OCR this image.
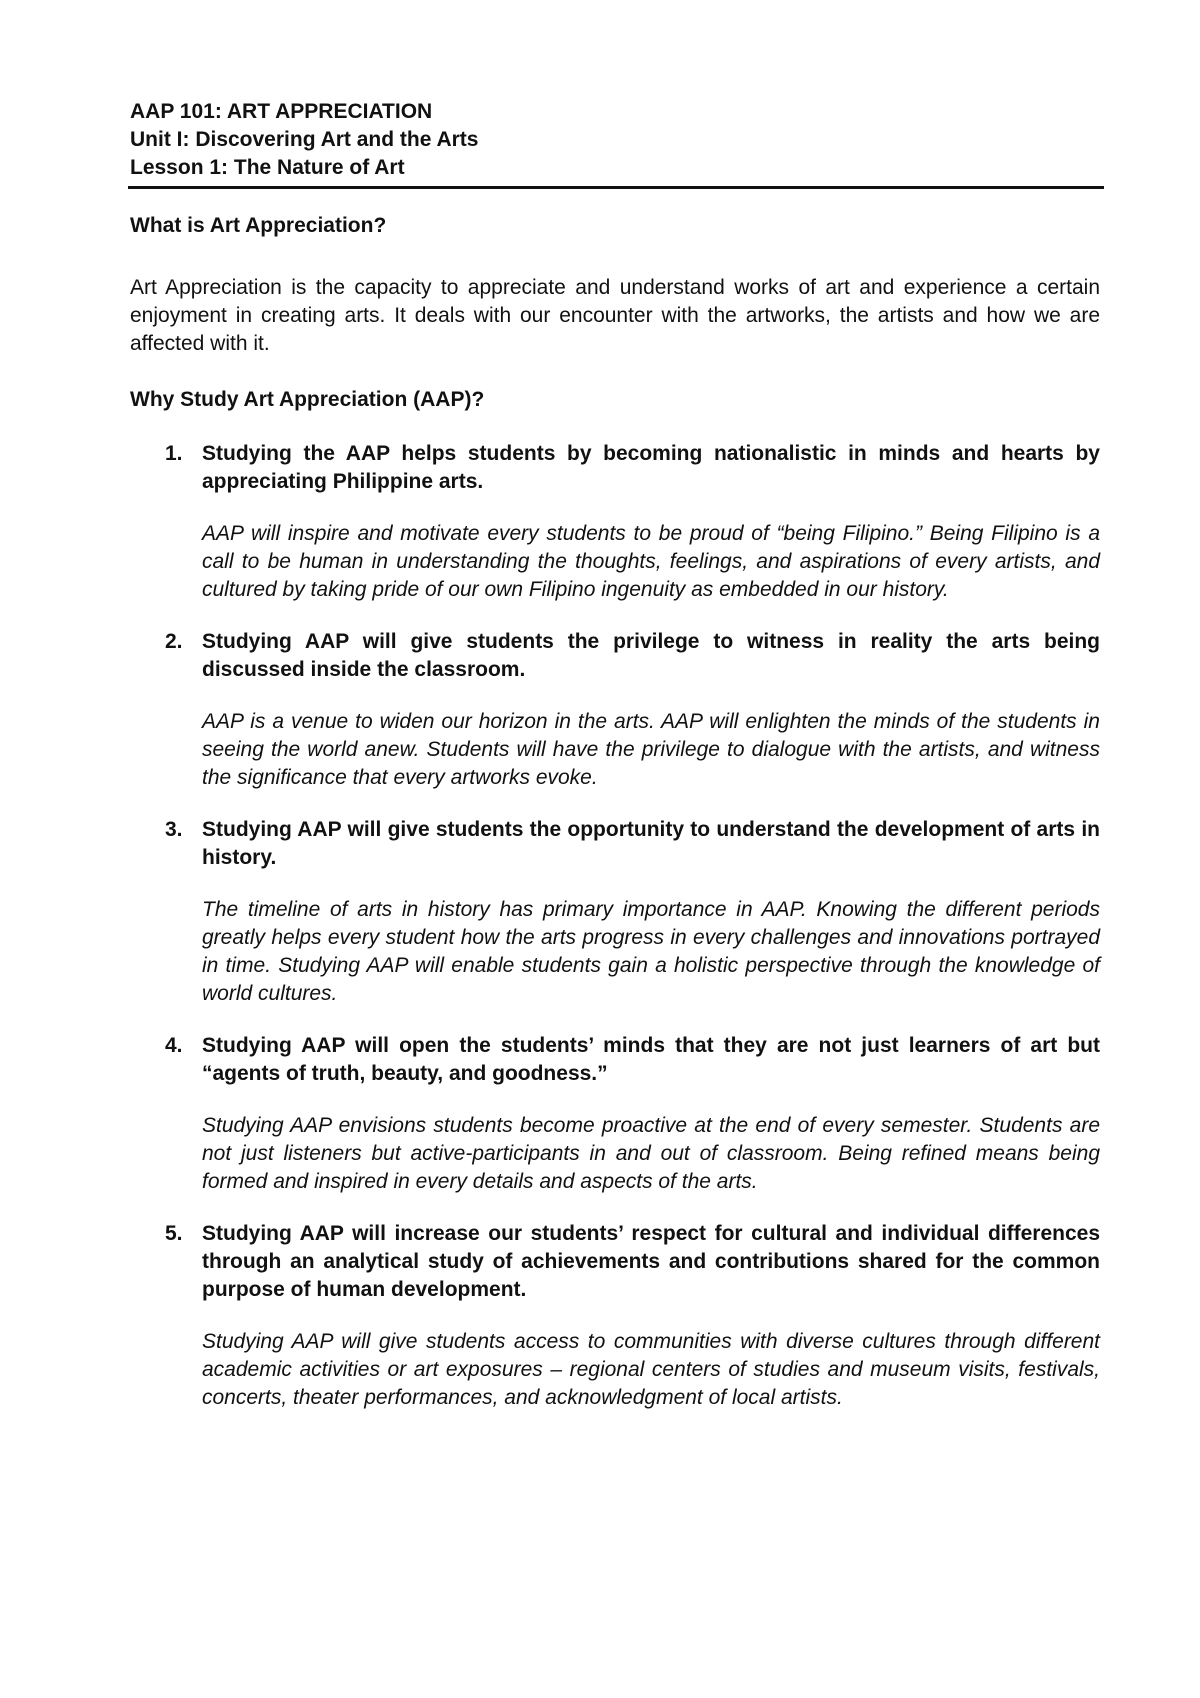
AAP 101: ART APPRECIATION

Unit I: Discovering Art and the Arts

Lesson 1: The Nature of Art

What is Art Appreciation?

Art Appreciation is the capacity to appreciate and understand works of art and experience a certain enjoyment in creating arts. It deals with our encounter with the artworks, the artists and how we are affected with it.

Why Study Art Appreciation (AAP)?
1. Studying the AAP helps students by becoming nationalistic in minds and hearts by appreciating Philippine arts.

AAP will inspire and motivate every students to be proud of “being Filipino.” Being Filipino is a call to be human in understanding the thoughts, feelings, and aspirations of every artists, and cultured by taking pride of our own Filipino ingenuity as embedded in our history.

2. Studying AAP will give students the privilege to witness in reality the arts being discussed inside the classroom.

AAP is a venue to widen our horizon in the arts. AAP will enlighten the minds of the students in seeing the world anew. Students will have the privilege to dialogue with the artists, and witness the significance that every artworks evoke.

3. Studying AAP will give students the opportunity to understand the development of arts in history.

The timeline of arts in history has primary importance in AAP. Knowing the different periods greatly helps every student how the arts progress in every challenges and innovations portrayed in time. Studying AAP will enable students gain a holistic perspective through the knowledge of world cultures.

4. Studying AAP will open the students’ minds that they are not just learners of art but “agents of truth, beauty, and goodness.”

Studying AAP envisions students become proactive at the end of every semester. Students are not just listeners but active-participants in and out of classroom. Being refined means being formed and inspired in every details and aspects of the arts.

5. Studying AAP will increase our students’ respect for cultural and individual differences through an analytical study of achievements and contributions shared for the common purpose of human development.

Studying AAP will give students access to communities with diverse cultures through different academic activities or art exposures – regional centers of studies and museum visits, festivals, concerts, theater performances, and acknowledgment of local artists.
